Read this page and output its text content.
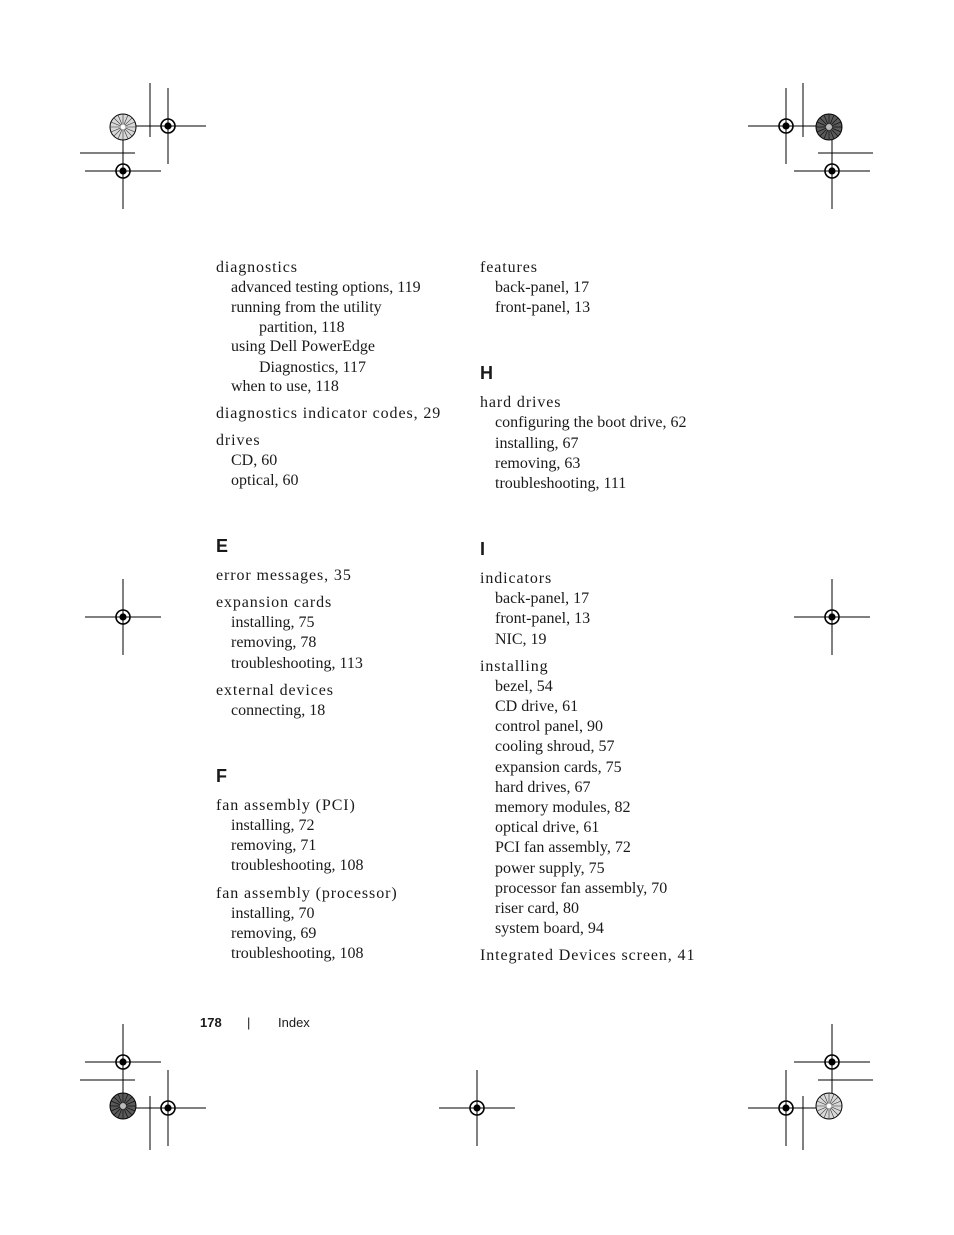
diagnostics
advanced testing options, 119
running from the utility
partition, 118
using Dell PowerEdge
Diagnostics, 117
when to use, 118
diagnostics indicator codes, 29
drives
CD, 60
optical, 60
E
error messages, 35
expansion cards
installing, 75
removing, 78
troubleshooting, 113
external devices
connecting, 18
F
fan assembly (PCI)
installing, 72
removing, 71
troubleshooting, 108
fan assembly (processor)
installing, 70
removing, 69
troubleshooting, 108
features
back-panel, 17
front-panel, 13
H
hard drives
configuring the boot drive, 62
installing, 67
removing, 63
troubleshooting, 111
I
indicators
back-panel, 17
front-panel, 13
NIC, 19
installing
bezel, 54
CD drive, 61
control panel, 90
cooling shroud, 57
expansion cards, 75
hard drives, 67
memory modules, 82
optical drive, 61
PCI fan assembly, 72
power supply, 75
processor fan assembly, 70
riser card, 80
system board, 94
Integrated Devices screen, 41
178 | Index
